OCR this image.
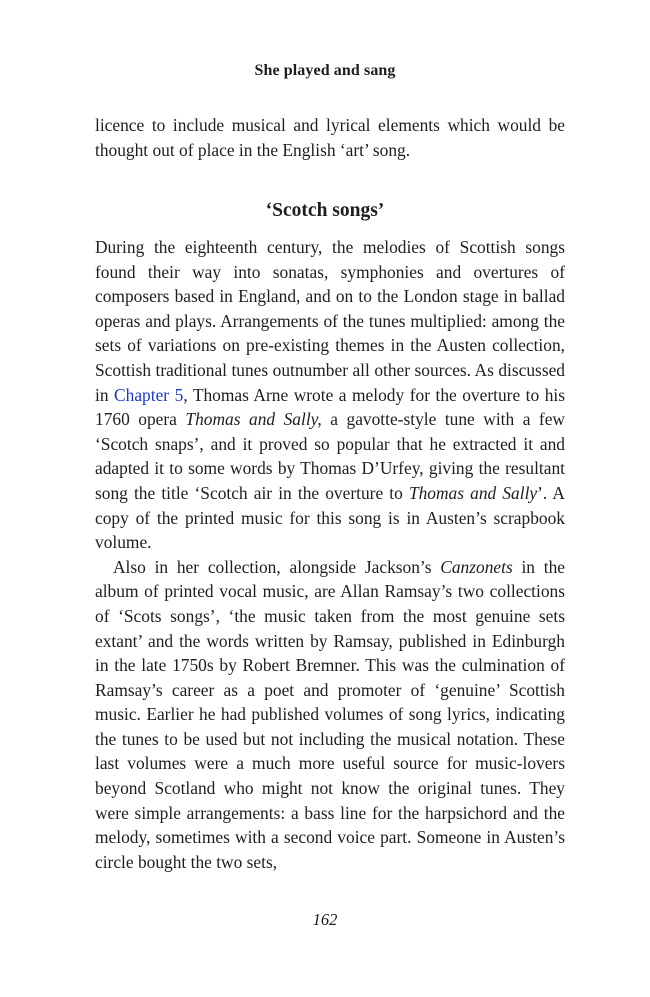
She played and sang
licence to include musical and lyrical elements which would be thought out of place in the English ‘art’ song.
‘Scotch songs’

During the eighteenth century, the melodies of Scottish songs found their way into sonatas, symphonies and overtures of composers based in England, and on to the London stage in ballad operas and plays. Arrangements of the tunes multiplied: among the sets of variations on pre-existing themes in the Austen collection, Scottish traditional tunes outnumber all other sources. As discussed in Chapter 5, Thomas Arne wrote a melody for the overture to his 1760 opera Thomas and Sally, a gavotte-style tune with a few ‘Scotch snaps’, and it proved so popular that he extracted it and adapted it to some words by Thomas D’Urfey, giving the resultant song the title ‘Scotch air in the overture to Thomas and Sally’. A copy of the printed music for this song is in Austen’s scrapbook volume.

Also in her collection, alongside Jackson’s Canzonets in the album of printed vocal music, are Allan Ramsay’s two collections of ‘Scots songs’, ‘the music taken from the most genuine sets extant’ and the words written by Ramsay, published in Edinburgh in the late 1750s by Robert Bremner. This was the culmination of Ramsay’s career as a poet and promoter of ‘genuine’ Scottish music. Earlier he had published volumes of song lyrics, indicating the tunes to be used but not including the musical notation. These last volumes were a much more useful source for music-lovers beyond Scotland who might not know the original tunes. They were simple arrangements: a bass line for the harpsichord and the melody, sometimes with a second voice part. Someone in Austen’s circle bought the two sets,

162
